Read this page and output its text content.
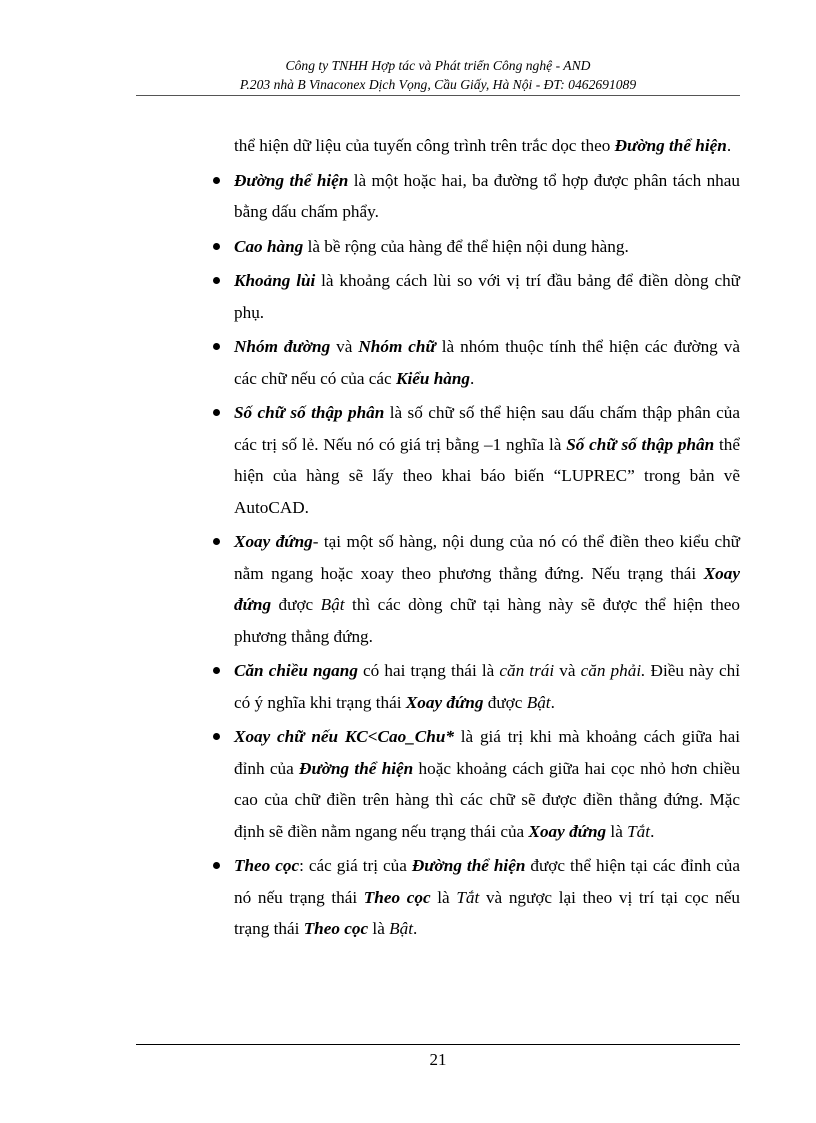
Công ty TNHH Hợp tác và Phát triển Công nghệ - AND
P.203 nhà B Vinaconex Dịch Vọng, Cầu Giấy, Hà Nội - ĐT: 0462691089

thể hiện dữ liệu của tuyến công trình trên trắc dọc theo Đường thể hiện.

Đường thể hiện là một hoặc hai, ba đường tổ hợp được phân tách nhau bằng dấu chấm phẩy.

Cao hàng là bề rộng của hàng để thể hiện nội dung hàng.

Khoảng lùi là khoảng cách lùi so với vị trí đầu bảng để điền dòng chữ phụ.

Nhóm đường và Nhóm chữ là nhóm thuộc tính thể hiện các đường và các chữ nếu có của các Kiểu hàng.

Số chữ số thập phân là số chữ số thể hiện sau dấu chấm thập phân của các trị số lẻ. Nếu nó có giá trị bằng –1 nghĩa là Số chữ số thập phân thể hiện của hàng sẽ lấy theo khai báo biến “LUPREC” trong bản vẽ AutoCAD.

Xoay đứng- tại một số hàng, nội dung của nó có thể điền theo kiểu chữ nằm ngang hoặc xoay theo phương thẳng đứng. Nếu trạng thái Xoay đứng được Bật thì các dòng chữ tại hàng này sẽ được thể hiện theo phương thẳng đứng.

Căn chiều ngang có hai trạng thái là căn trái và căn phải. Điều này chỉ có ý nghĩa khi trạng thái Xoay đứng được Bật.

Xoay chữ nếu KC<Cao_Chu* là giá trị khi mà khoảng cách giữa hai đỉnh của Đường thể hiện hoặc khoảng cách giữa hai cọc nhỏ hơn chiều cao của chữ điền trên hàng thì các chữ sẽ được điền thẳng đứng. Mặc định sẽ điền nằm ngang nếu trạng thái của Xoay đứng là Tắt.

Theo cọc: các giá trị của Đường thể hiện được thể hiện tại các đỉnh của nó nếu trạng thái Theo cọc là Tắt và ngược lại theo vị trí tại cọc nếu trạng thái Theo cọc là Bật.

21
